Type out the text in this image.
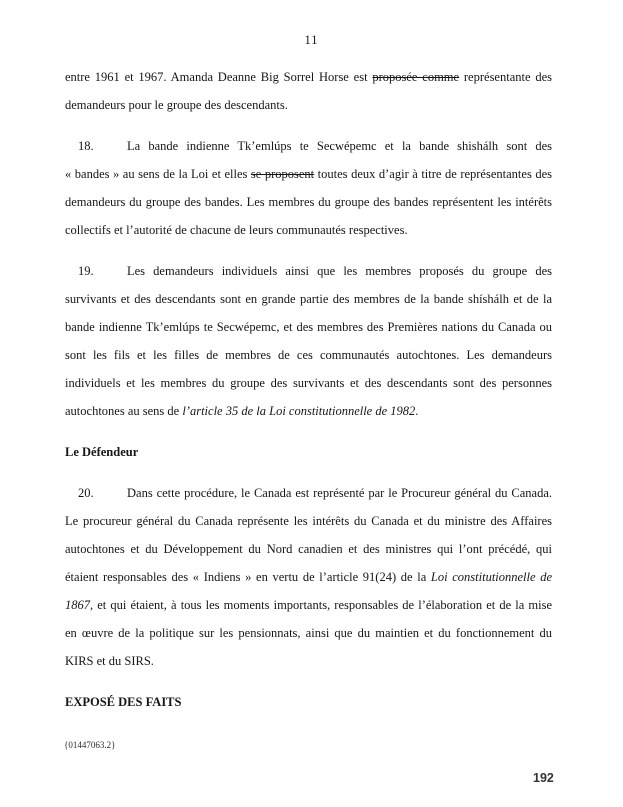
11

entre 1961 et 1967. Amanda Deanne Big Sorrel Horse est proposée comme représentante des demandeurs pour le groupe des descendants.

18.	La bande indienne Tk’emlúps te Secwépemc et la bande shishálh sont des « bandes » au sens de la Loi et elles se proposent toutes deux d’agir à titre de représentantes des demandeurs du groupe des bandes. Les membres du groupe des bandes représentent les intérêts collectifs et l’autorité de chacune de leurs communautés respectives.

19.	Les demandeurs individuels ainsi que les membres proposés du groupe des survivants et des descendants sont en grande partie des membres de la bande shíshálh et de la bande indienne Tk’emlúps te Secwépemc, et des membres des Premières nations du Canada ou sont les fils et les filles de membres de ces communautés autochtones. Les demandeurs individuels et les membres du groupe des survivants et des descendants sont des personnes autochtones au sens de l’article 35 de la Loi constitutionnelle de 1982.

Le Défendeur

20.	Dans cette procédure, le Canada est représenté par le Procureur général du Canada. Le procureur général du Canada représente les intérêts du Canada et du ministre des Affaires autochtones et du Développement du Nord canadien et des ministres qui l’ont précédé, qui étaient responsables des « Indiens » en vertu de l’article 91(24) de la Loi constitutionnelle de 1867, et qui étaient, à tous les moments importants, responsables de l’élaboration et de la mise en œuvre de la politique sur les pensionnats, ainsi que du maintien et du fonctionnement du KIRS et du SIRS.

EXPOSÉ DES FAITS

{01447063.2}
192
